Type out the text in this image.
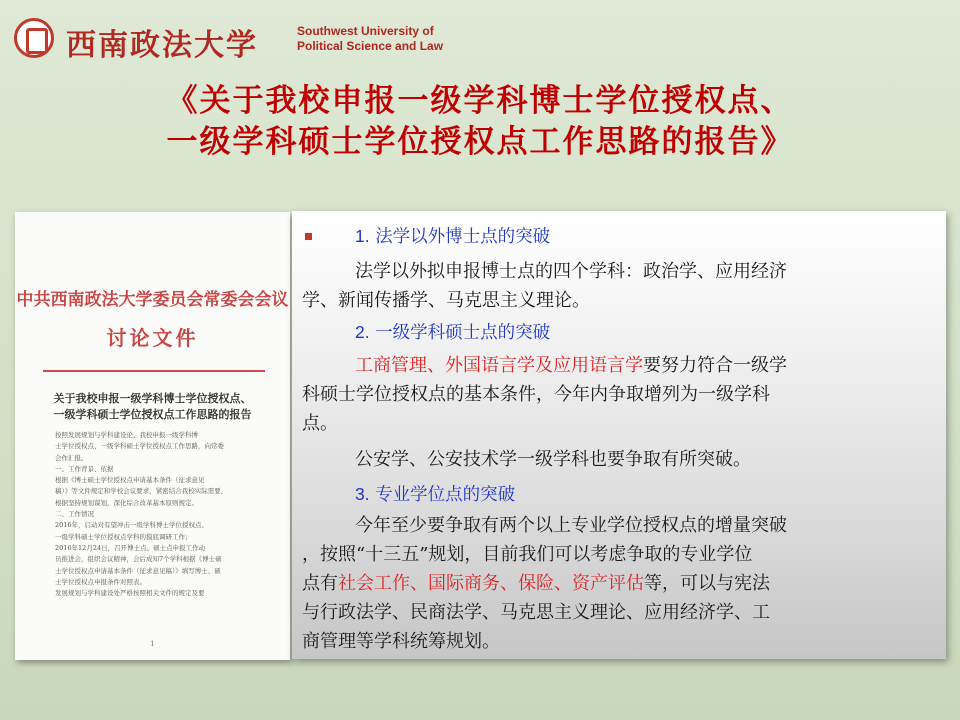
西南政法大学	Southwest University of
Political Science and Law
《关于我校申报一级学科博士学位授权点、
一级学科硕士学位授权点工作思路的报告》
中共西南政法大学委员会常委会会议
讨论文件
关于我校申报一级学科博士学位授权点、
一级学科硕士学位授权点工作思路的报告
按照发展规划与学科建设论，我校申报一级学科博
士学位授权点、一级学科硕士学位授权点工作思路，向常委
会作汇报。
一、工作背景、依据
根据《博士硕士学位授权点申请基本条件（征求意见
稿）》等文件规定和学校会议要求，紧密结合我校实际需要，
根据坚持规划谋划，深化综合改革基本原则规定。
二、工作情况
2016年，启动对有望冲击一级学科博士学位授权点、
一级学科硕士学位授权点学科的摸底调研工作；
2016年12月24日，召开博士点、硕士点申报工作动
员推进会，组织会议精神，会后成知7个学科根据《博士硕
士学位授权点申请基本条件（征求意见稿）》填写博士、硕
士学位授权点申报条件对照表。
发展规划与学科建设处严格按照相关文件的规定及要
1

1. 法学以外博士点的突破

法学以外拟申报博士点的四个学科：政治学、应用经济

学、新闻传播学、马克思主义理论。

2. 一级学科硕士点的突破

工商管理、外国语言学及应用语言学要努力符合一级学

科硕士学位授权点的基本条件，今年内争取增列为一级学科

点。

公安学、公安技术学一级学科也要争取有所突破。

3. 专业学位点的突破

今年至少要争取有两个以上专业学位授权点的增量突破

，按照“十三五”规划，目前我们可以考虑争取的专业学位

点有社会工作、国际商务、保险、资产评估等，可以与宪法

与行政法学、民商法学、马克思主义理论、应用经济学、工

商管理等学科统筹规划。
